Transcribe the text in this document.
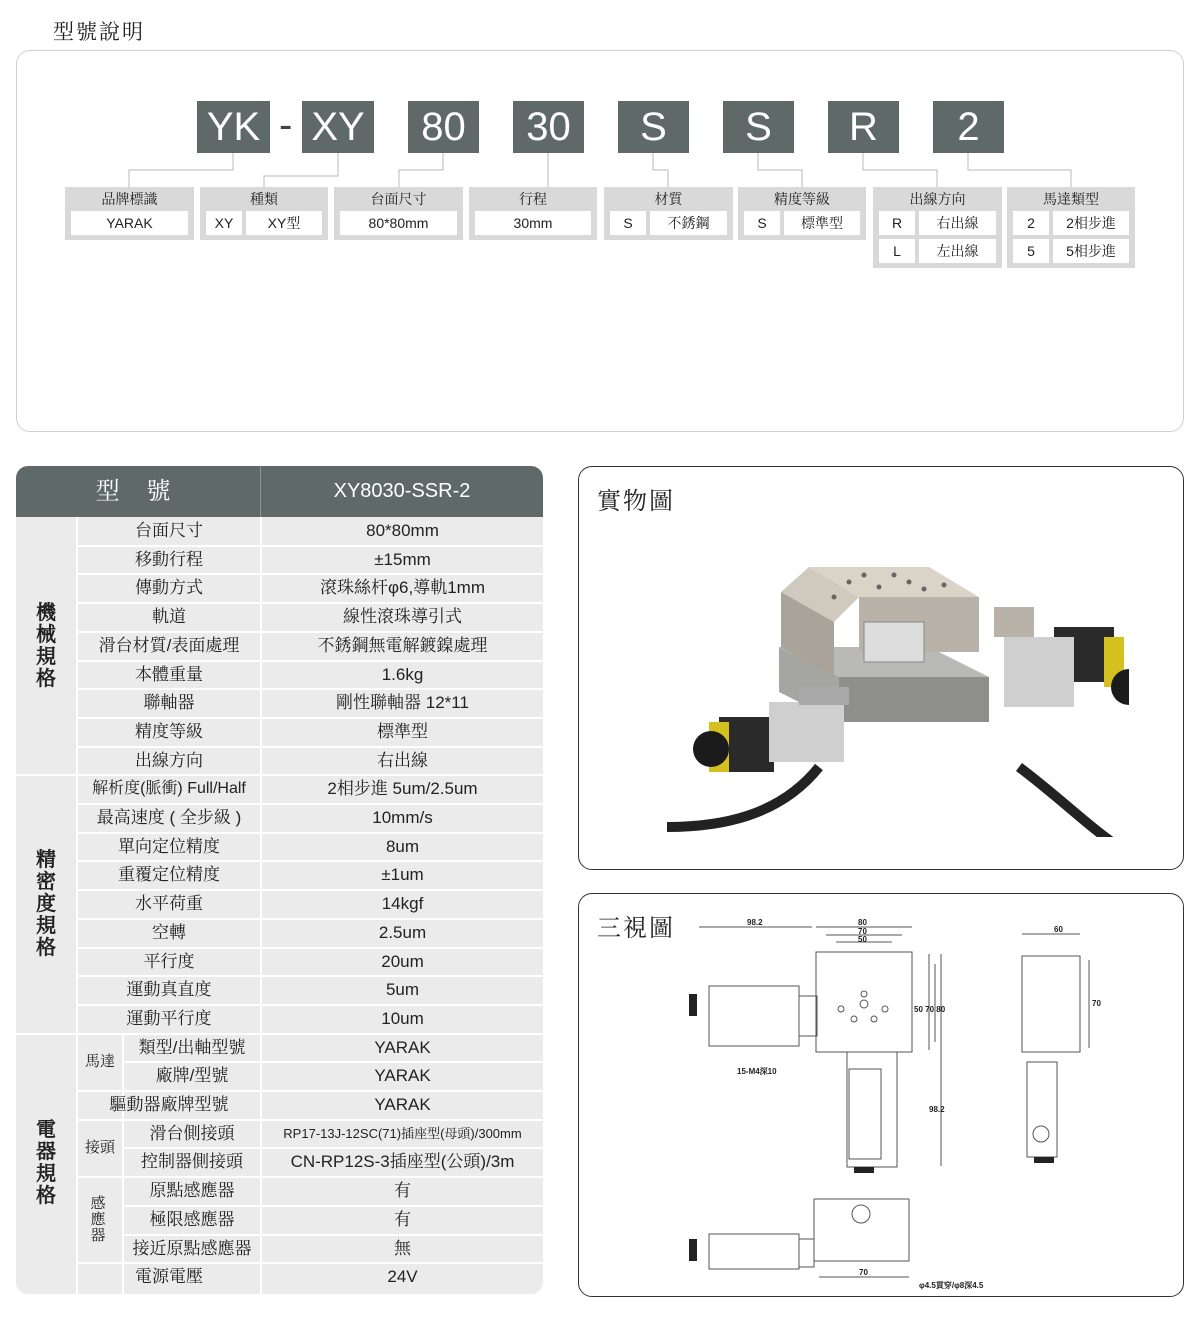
型號說明
YK - XY	80	30	S	S	R	2
品牌標識
YARAK
種類
XY	XY型
台面尺寸
80*80mm
行程
30mm
材質
S	不銹鋼
精度等級
S	標準型
出線方向
R	右出線
L	左出線
馬達類型
2	2相步進
5	5相步進
型 號	XY8030-SSR-2
台面尺寸	80*80mm
移動行程	±15mm
傳動方式	滾珠絲杆φ6,導軌1mm
軌道	線性滾珠導引式
滑台材質/表面處理	不銹鋼無電解鍍鎳處理
本體重量	1.6kg
聯軸器	剛性聯軸器 12*11
精度等級	標準型
出線方向	右出線
解析度(脈衝) Full/Half	2相步進 5um/2.5um
最高速度 ( 全步級 )	10mm/s
單向定位精度	8um
重覆定位精度	±1um
水平荷重	14kgf
空轉	2.5um
平行度	20um
運動真直度	5um
運動平行度	10um
類型/出軸型號	YARAK
廠牌/型號	YARAK
驅動器廠牌型號	YARAK
滑台側接頭	RP17-13J-12SC(71)插座型(母頭)/300mm
控制器側接頭	CN-RP12S-3插座型(公頭)/3m
原點感應器	有
極限感應器	有
接近原點感應器	無
電源電壓	24V
機械規格
精密度規格
電器規格
馬達
接頭
感應器
實物圖
三視圖	98.2	80
70
50
60
70
50 70 80
98.2
15-M4深10
70
φ4.5貫穿/φ8深4.5
